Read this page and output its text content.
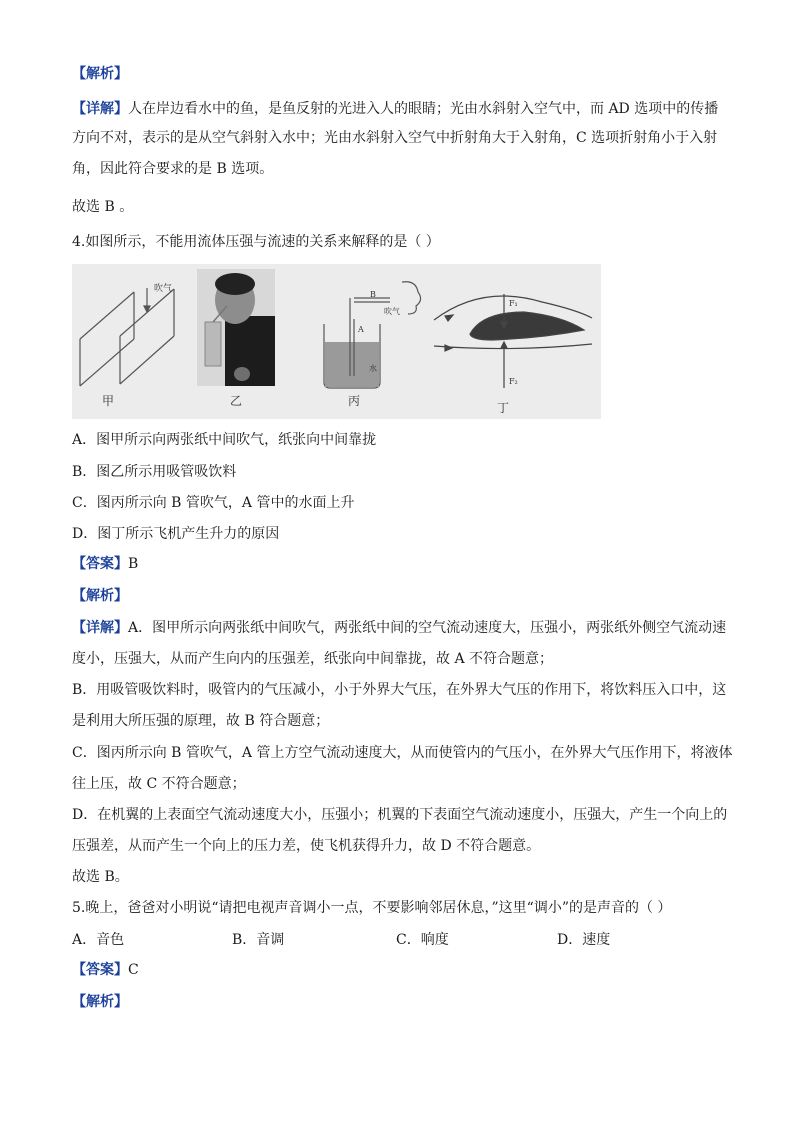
【解析】
【详解】人在岸边看水中的鱼，是鱼反射的光进入人的眼睛；光由水斜射入空气中，而 AD 选项中的传播
方向不对，表示的是从空气斜射入水中；光由水斜射入空气中折射角大于入射角，C 选项折射角小于入射
角，因此符合要求的是 B 选项。
故选 B 。
4.如图所示，不能用流体压强与流速的关系来解释的是（ ）
吹气
甲	乙
A
B
吹气
水
丙
F₁
F₂
丁
A．图甲所示向两张纸中间吹气，纸张向中间靠拢
B．图乙所示用吸管吸饮料
C．图丙所示向 B 管吹气，A 管中的水面上升
D．图丁所示飞机产生升力的原因
【答案】B
【解析】
【详解】A．图甲所示向两张纸中间吹气，两张纸中间的空气流动速度大，压强小，两张纸外侧空气流动速
度小，压强大，从而产生向内的压强差，纸张向中间靠拢，故 A 不符合题意；
B．用吸管吸饮料时，吸管内的气压减小，小于外界大气压，在外界大气压的作用下，将饮料压入口中，这
是利用大所压强的原理，故 B 符合题意；
C．图丙所示向 B 管吹气，A 管上方空气流动速度大，从而使管内的气压小，在外界大气压作用下，将液体
往上压，故 C 不符合题意；
D．在机翼的上表面空气流动速度大小，压强小；机翼的下表面空气流动速度小，压强大，产生一个向上的
压强差，从而产生一个向上的压力差，使飞机获得升力，故 D 不符合题意。
故选 B。
5.晚上，爸爸对小明说“请把电视声音调小一点，不要影响邻居休息，”这里“调小”的是声音的（ ）
A．音色	B．音调	C．响度	D．速度
【答案】C
【解析】
